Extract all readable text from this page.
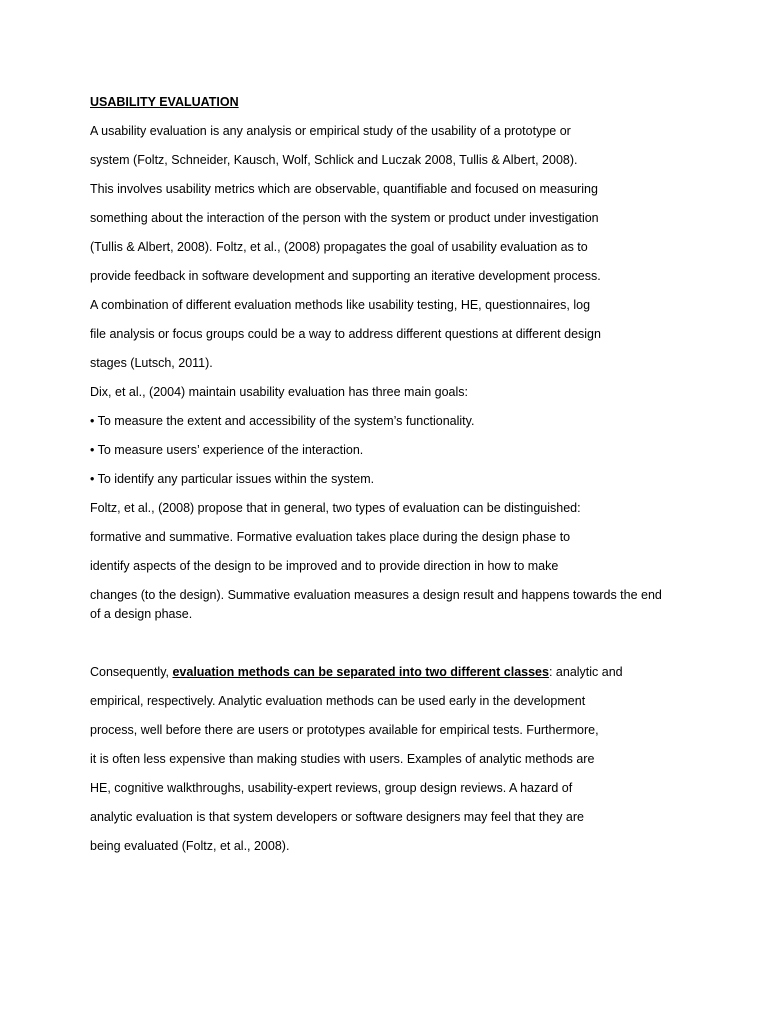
USABILITY EVALUATION
A usability evaluation is any analysis or empirical study of the usability of a prototype or
system (Foltz, Schneider, Kausch, Wolf, Schlick and Luczak 2008, Tullis & Albert, 2008).
This involves usability metrics which are observable, quantifiable and focused on measuring
something about the interaction of the person with the system or product under investigation
(Tullis & Albert, 2008). Foltz, et al., (2008) propagates the goal of usability evaluation as to
provide feedback in software development and supporting an iterative development process.
A combination of different evaluation methods like usability testing, HE, questionnaires, log
file analysis or focus groups could be a way to address different questions at different design
stages (Lutsch, 2011).
Dix, et al., (2004) maintain usability evaluation has three main goals:
• To measure the extent and accessibility of the system’s functionality.
• To measure users’ experience of the interaction.
• To identify any particular issues within the system.
Foltz, et al., (2008) propose that in general, two types of evaluation can be distinguished:
formative and summative. Formative evaluation takes place during the design phase to
identify aspects of the design to be improved and to provide direction in how to make
changes (to the design). Summative evaluation measures a design result and happens towards the end
of a design phase.
Consequently, evaluation methods can be separated into two different classes: analytic and
empirical, respectively. Analytic evaluation methods can be used early in the development
process, well before there are users or prototypes available for empirical tests. Furthermore,
it is often less expensive than making studies with users. Examples of analytic methods are
HE, cognitive walkthroughs, usability-expert reviews, group design reviews. A hazard of
analytic evaluation is that system developers or software designers may feel that they are
being evaluated (Foltz, et al., 2008).
